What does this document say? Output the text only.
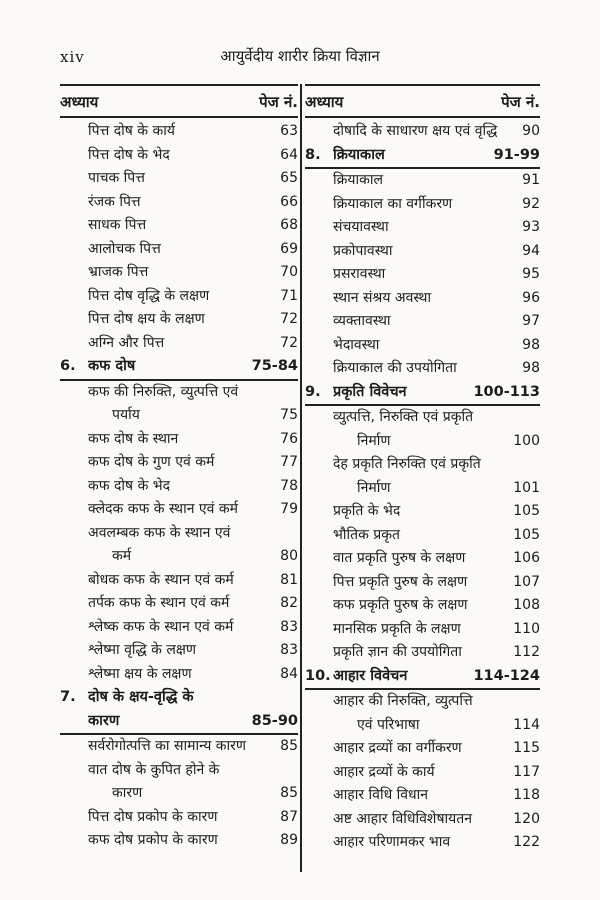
xiv	आयुर्वेदीय शारीर क्रिया विज्ञान
अध्याय	पेज नं.
पित्त दोष के कार्य	63
पित्त दोष के भेद	64
पाचक पित्त	65
रंजक पित्त	66
साधक पित्त	68
आलोचक पित्त	69
भ्राजक पित्त	70
पित्त दोष वृद्धि के लक्षण	71
पित्त दोष क्षय के लक्षण	72
अग्नि और पित्त	72
6. कफ दोष	75-84
कफ की निरुक्ति, व्युत्पत्ति एवं
पर्याय	75
कफ दोष के स्थान	76
कफ दोष के गुण एवं कर्म	77
कफ दोष के भेद	78
क्लेदक कफ के स्थान एवं कर्म	79
अवलम्बक कफ के स्थान एवं
कर्म	80
बोधक कफ के स्थान एवं कर्म	81
तर्पक कफ के स्थान एवं कर्म	82
श्लेष्क कफ के स्थान एवं कर्म	83
श्लेष्मा वृद्धि के लक्षण	83
श्लेष्मा क्षय के लक्षण	84
7. दोष के क्षय-वृद्धि के
कारण	85-90
सर्वरोगोत्पत्ति का सामान्य कारण	85
वात दोष के कुपित होने के
कारण	85
पित्त दोष प्रकोप के कारण	87
कफ दोष प्रकोप के कारण	89
अध्याय	पेज नं.
दोषादि के साधारण क्षय एवं वृद्धि	90
8. क्रियाकाल	91-99
क्रियाकाल	91
क्रियाकाल का वर्गीकरण	92
संचयावस्था	93
प्रकोपावस्था	94
प्रसरावस्था	95
स्थान संश्रय अवस्था	96
व्यक्तावस्था	97
भेदावस्था	98
क्रियाकाल की उपयोगिता	98
9. प्रकृति विवेचन	100-113
व्युत्पत्ति, निरुक्ति एवं प्रकृति
निर्माण	100
देह प्रकृति निरुक्ति एवं प्रकृति
निर्माण	101
प्रकृति के भेद	105
भौतिक प्रकृत	105
वात प्रकृति पुरुष के लक्षण	106
पित्त प्रकृति पुरुष के लक्षण	107
कफ प्रकृति पुरुष के लक्षण	108
मानसिक प्रकृति के लक्षण	110
प्रकृति ज्ञान की उपयोगिता	112
10. आहार विवेचन	114-124
आहार की निरुक्ति, व्युत्पत्ति
एवं परिभाषा	114
आहार द्रव्यों का वर्गीकरण	115
आहार द्रव्यों के कार्य	117
आहार विधि विधान	118
अष्ट आहार विधिविशेषायतन	120
आहार परिणामकर भाव	122
